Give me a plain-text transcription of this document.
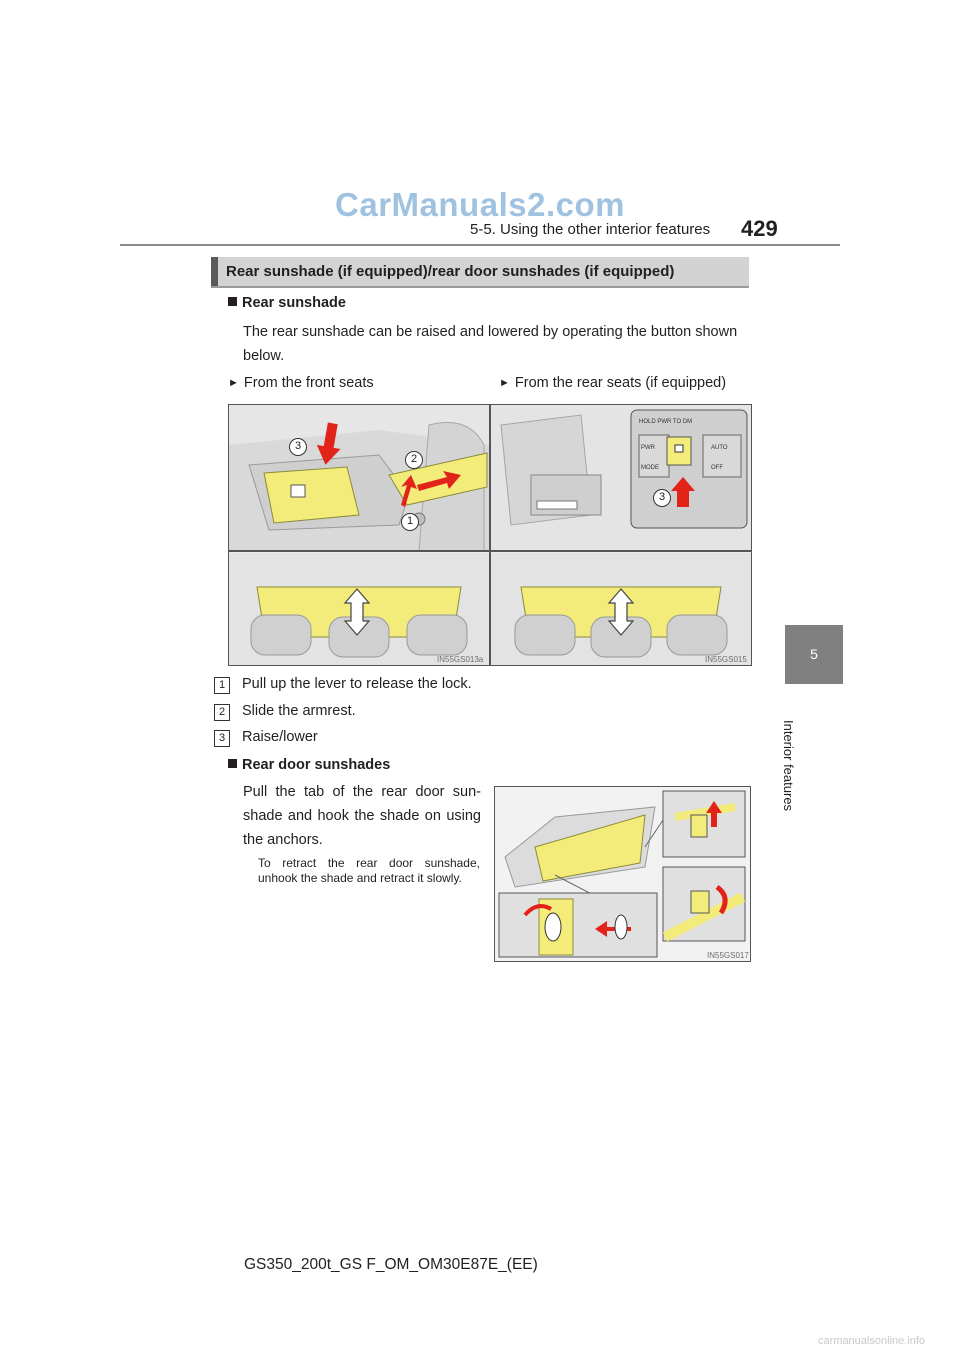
CarManuals2.com
5-5. Using the other interior features 429
5
Interior features
Rear sunshade (if equipped)/rear door sunshades (if equipped)
Rear sunshade
The rear sunshade can be raised and lowered by operating the button shown below.
► From the front seats	► From the rear seats (if equipped)
3
2
1
IN55GS013a
HOLD PWR TO DM
PWR
MODE
AUTO
OFF
3
IN55GS015
1 Pull up the lever to release the lock.
2 Slide the armrest.
3 Raise/lower
Rear door sunshades
Pull the tab of the rear door sun-shade and hook the shade on using the anchors.
To retract the rear door sunshade, unhook the shade and retract it slowly.
IN55GS017
GS350_200t_GS F_OM_OM30E87E_(EE)
carmanualsonline.info
